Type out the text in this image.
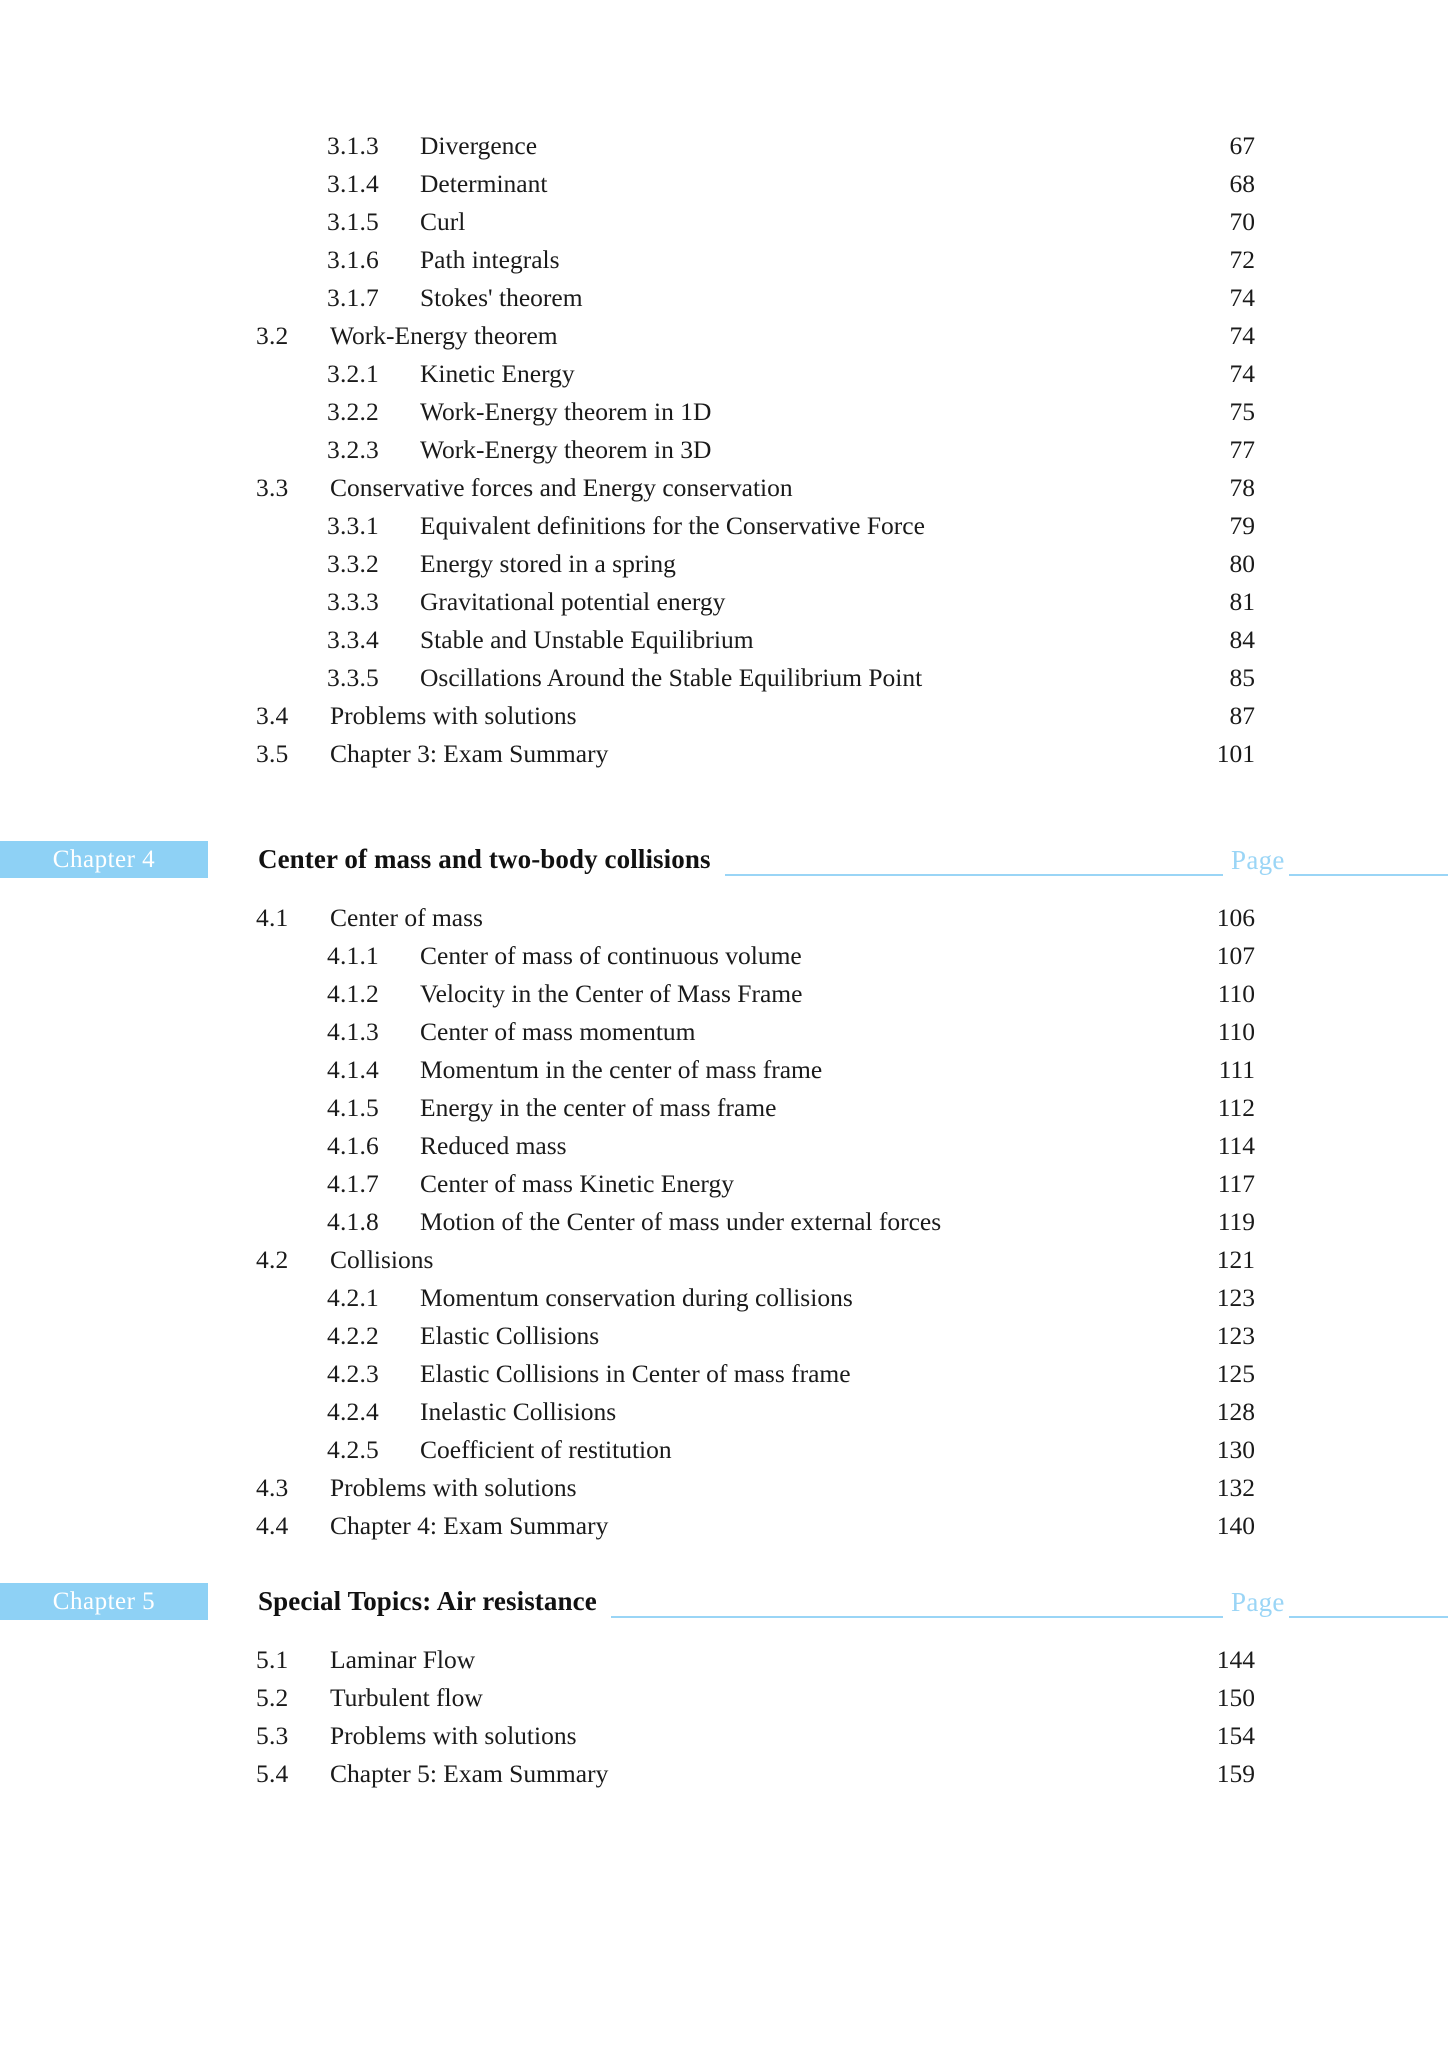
3.1.3 Divergence	67
3.1.4 Determinant	68
3.1.5 Curl	70
3.1.6 Path integrals	72
3.1.7 Stokes' theorem	74
3.2 Work-Energy theorem	74
3.2.1 Kinetic Energy	74
3.2.2 Work-Energy theorem in 1D	75
3.2.3 Work-Energy theorem in 3D	77
3.3 Conservative forces and Energy conservation	78
3.3.1 Equivalent definitions for the Conservative Force	79
3.3.2 Energy stored in a spring	80
3.3.3 Gravitational potential energy	81
3.3.4 Stable and Unstable Equilibrium	84
3.3.5 Oscillations Around the Stable Equilibrium Point	85
3.4 Problems with solutions	87
3.5 Chapter 3: Exam Summary	101
Chapter 4	Center of mass and two-body collisions	Page
4.1 Center of mass	106
4.1.1 Center of mass of continuous volume	107
4.1.2 Velocity in the Center of Mass Frame	110
4.1.3 Center of mass momentum	110
4.1.4 Momentum in the center of mass frame	111
4.1.5 Energy in the center of mass frame	112
4.1.6 Reduced mass	114
4.1.7 Center of mass Kinetic Energy	117
4.1.8 Motion of the Center of mass under external forces	119
4.2 Collisions	121
4.2.1 Momentum conservation during collisions	123
4.2.2 Elastic Collisions	123
4.2.3 Elastic Collisions in Center of mass frame	125
4.2.4 Inelastic Collisions	128
4.2.5 Coefficient of restitution	130
4.3 Problems with solutions	132
4.4 Chapter 4: Exam Summary	140
Chapter 5	Special Topics: Air resistance	Page
5.1 Laminar Flow	144
5.2 Turbulent flow	150
5.3 Problems with solutions	154
5.4 Chapter 5: Exam Summary	159
